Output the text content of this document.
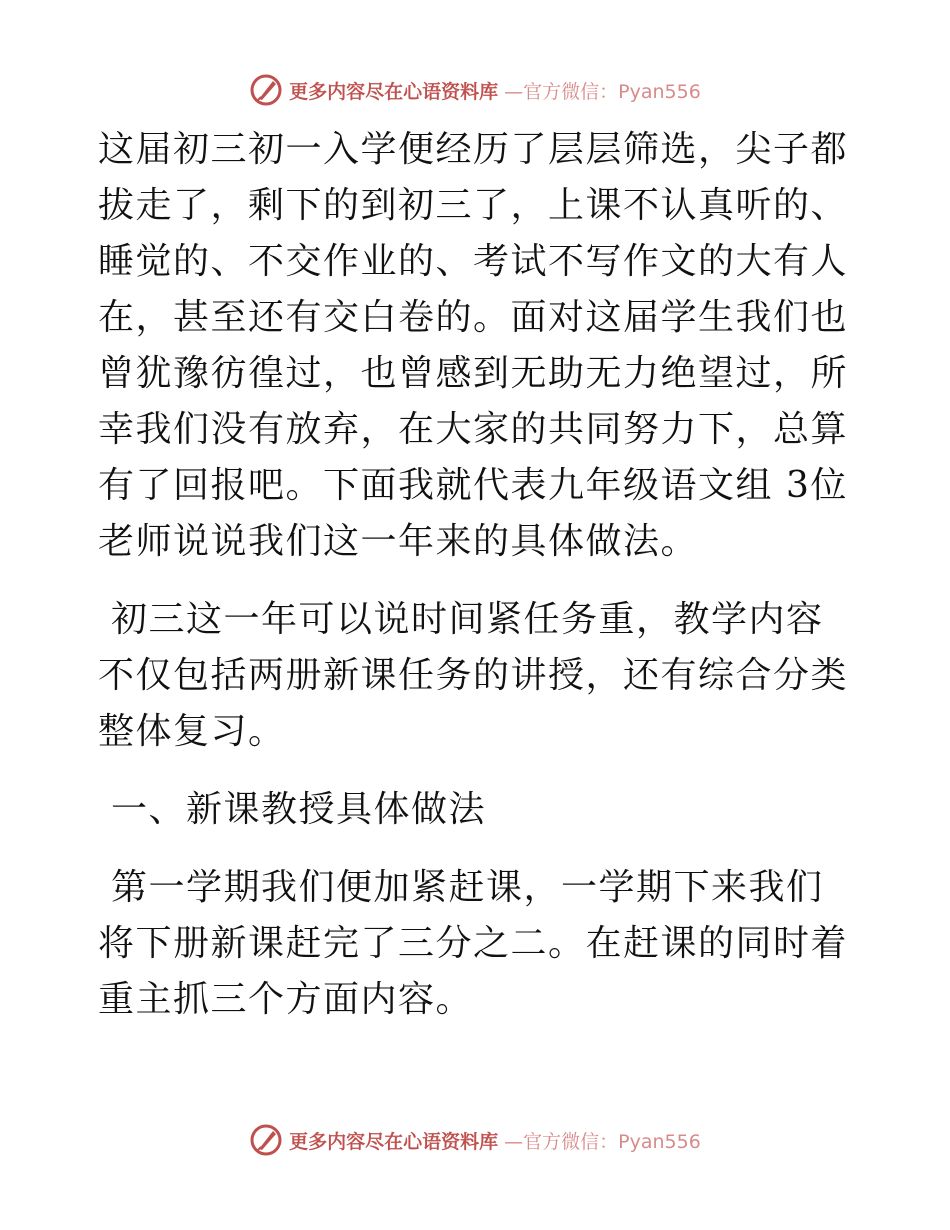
更多内容尽在心语资料库 —官方微信：Pyan556

这届初三初一入学便经历了层层筛选，尖子都拔走了，剩下的到初三了，上课不认真听的、睡觉的、不交作业的、考试不写作文的大有人在，甚至还有交白卷的。面对这届学生我们也曾犹豫彷徨过，也曾感到无助无力绝望过，所幸我们没有放弃，在大家的共同努力下，总算有了回报吧。下面我就代表九年级语文组 3位老师说说我们这一年来的具体做法。

初三这一年可以说时间紧任务重，教学内容不仅包括两册新课任务的讲授，还有综合分类整体复习。

一、新课教授具体做法

第一学期我们便加紧赶课，一学期下来我们将下册新课赶完了三分之二。在赶课的同时着重主抓三个方面内容。

更多内容尽在心语资料库 —官方微信：Pyan556
